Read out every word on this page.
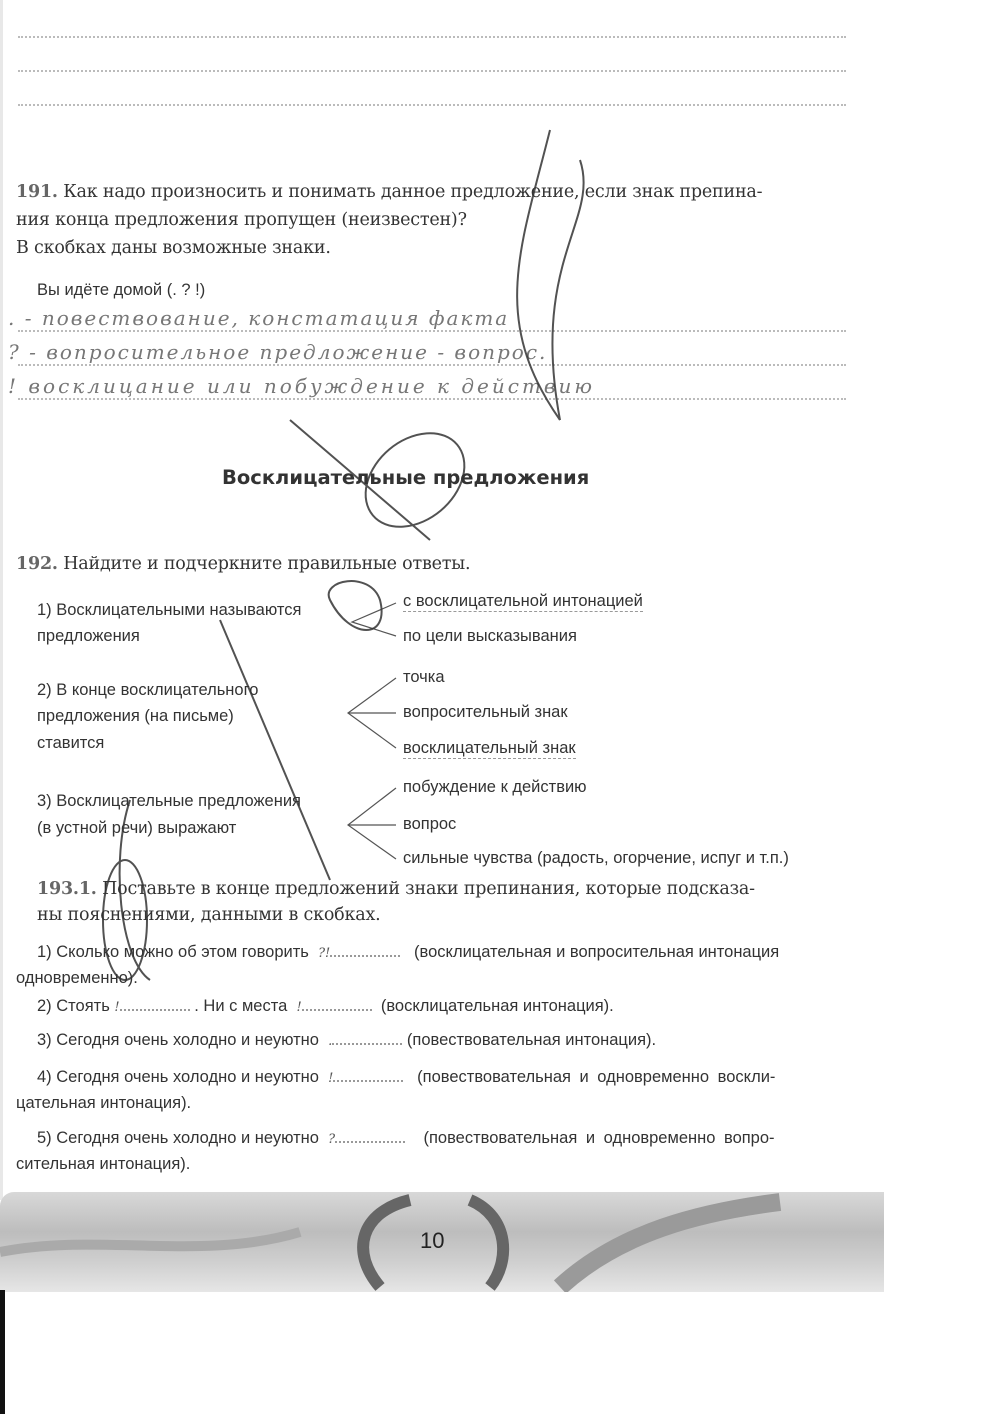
191. Как надо произносить и понимать данное предложение, если знак препина-
ния конца предложения пропущен (неизвестен)?
В скобках даны возможные знаки.
Вы идёте домой (. ? !)
. - повествование, констатация факта
? - вопросительное предложение - вопрос.
! восклицание или побуждение к действию
Восклицательные предложения
192. Найдите и подчеркните правильные ответы.
1) Восклицательными называются
предложения
с восклицательной интонацией
по цели высказывания
2) В конце восклицательного
предложения (на письме)
ставится
точка
вопросительный знак
восклицательный знак
3) Восклицательные предложения
(в устной речи) выражают
побуждение к действию
вопрос
сильные чувства (радость, огорчение, испуг и т.п.)
193.1. Поставьте в конце предложений знаки препинания, которые подсказа-
ны пояснениями, данными в скобках.
1) Сколько можно об этом говорить ?!	(восклицательная и вопросительная интонация
одновременно).
2) Стоять !	. Ни с места !	(восклицательная интонация).
3) Сегодня очень холодно и неуютно .	(повествовательная интонация).
4) Сегодня очень холодно и неуютно !	(повествовательная и одновременно воскли-
цательная интонация).
5) Сегодня очень холодно и неуютно ?	(повествовательная и одновременно вопро-
сительная интонация).
10
